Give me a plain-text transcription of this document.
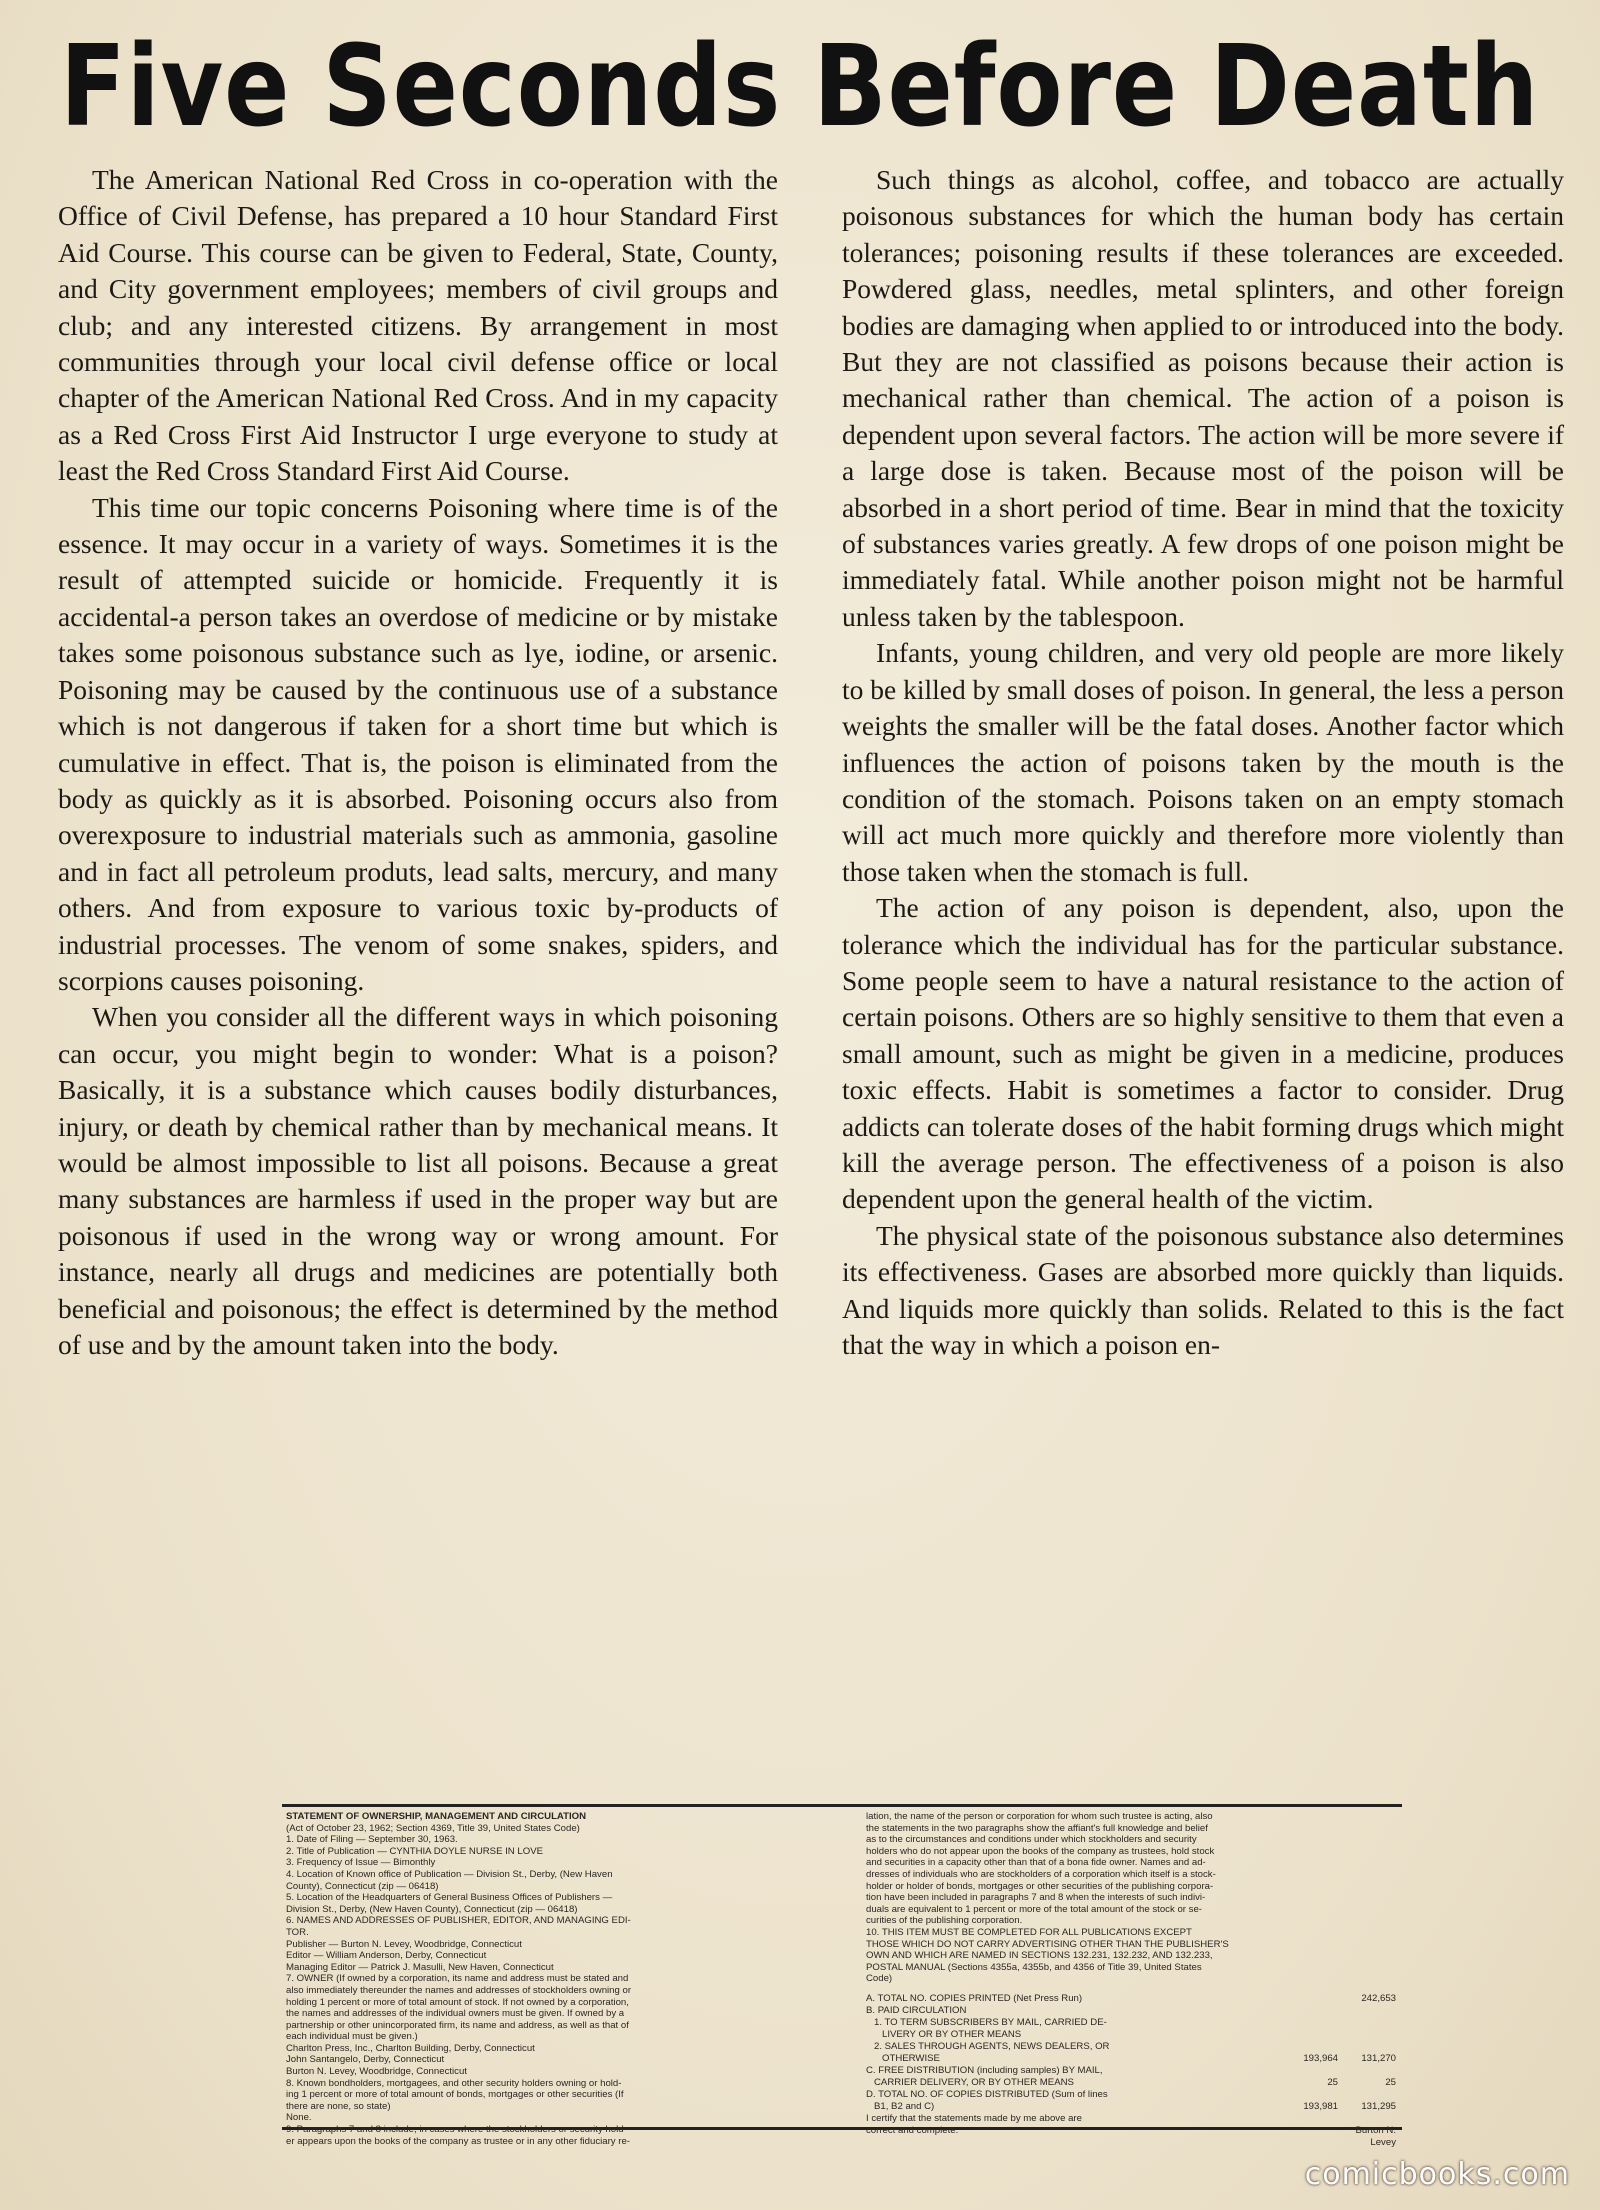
Five Seconds Before Death

The American National Red Cross in co-operation with the Office of Civil Defense, has prepared a 10 hour Standard First Aid Course. This course can be given to Federal, State, County, and City government employees; members of civil groups and club; and any interested citizens. By arrangement in most communities through your local civil defense office or local chapter of the American National Red Cross. And in my capacity as a Red Cross First Aid Instructor I urge everyone to study at least the Red Cross Standard First Aid Course.

This time our topic concerns Poisoning where time is of the essence. It may occur in a variety of ways. Sometimes it is the result of attempted suicide or homicide. Frequently it is accidental-a person takes an overdose of medicine or by mistake takes some poisonous substance such as lye, iodine, or arsenic. Poisoning may be caused by the continuous use of a substance which is not dangerous if taken for a short time but which is cumulative in effect. That is, the poison is eliminated from the body as quickly as it is absorbed. Poisoning occurs also from overexposure to industrial materials such as ammonia, gasoline and in fact all petroleum produts, lead salts, mercury, and many others. And from exposure to various toxic by-products of industrial processes. The venom of some snakes, spiders, and scorpions causes poisoning.

When you consider all the different ways in which poisoning can occur, you might begin to wonder: What is a poison? Basically, it is a substance which causes bodily disturbances, injury, or death by chemical rather than by mechanical means. It would be almost impossible to list all poisons. Because a great many substances are harmless if used in the proper way but are poisonous if used in the wrong way or wrong amount. For instance, nearly all drugs and medicines are potentially both beneficial and poisonous; the effect is determined by the method of use and by the amount taken into the body.

Such things as alcohol, coffee, and tobacco are actually poisonous substances for which the human body has certain tolerances; poisoning results if these tolerances are exceeded. Powdered glass, needles, metal splinters, and other foreign bodies are damaging when applied to or introduced into the body. But they are not classified as poisons because their action is mechanical rather than chemical. The action of a poison is dependent upon several factors. The action will be more severe if a large dose is taken. Because most of the poison will be absorbed in a short period of time. Bear in mind that the toxicity of substances varies greatly. A few drops of one poison might be immediately fatal. While another poison might not be harmful unless taken by the tablespoon.

Infants, young children, and very old people are more likely to be killed by small doses of poison. In general, the less a person weights the smaller will be the fatal doses. Another factor which influences the action of poisons taken by the mouth is the condition of the stomach. Poisons taken on an empty stomach will act much more quickly and therefore more violently than those taken when the stomach is full.

The action of any poison is dependent, also, upon the tolerance which the individual has for the particular substance. Some people seem to have a natural resistance to the action of certain poisons. Others are so highly sensitive to them that even a small amount, such as might be given in a medicine, produces toxic effects. Habit is sometimes a factor to consider. Drug addicts can tolerate doses of the habit forming drugs which might kill the average person. The effectiveness of a poison is also dependent upon the general health of the victim.

The physical state of the poisonous substance also determines its effectiveness. Gases are absorbed more quickly than liquids. And liquids more quickly than solids. Related to this is the fact that the way in which a poison en-

STATEMENT OF OWNERSHIP, MANAGEMENT AND CIRCULATION
(Act of October 23, 1962; Section 4369, Title 39, United States Code)
1. Date of Filing — September 30, 1963.
2. Title of Publication — CYNTHIA DOYLE NURSE IN LOVE
3. Frequency of Issue — Bimonthly
4. Location of Known office of Publication — Division St., Derby, (New Haven
County), Connecticut (zip — 06418)
5. Location of the Headquarters of General Business Offices of Publishers —
Division St., Derby, (New Haven County), Connecticut (zip — 06418)
6. NAMES AND ADDRESSES OF PUBLISHER, EDITOR, AND MANAGING EDI-
TOR.
Publisher — Burton N. Levey, Woodbridge, Connecticut
Editor — William Anderson, Derby, Connecticut
Managing Editor — Patrick J. Masulli, New Haven, Connecticut
7. OWNER (If owned by a corporation, its name and address must be stated and
also immediately thereunder the names and addresses of stockholders owning or
holding 1 percent or more of total amount of stock. If not owned by a corporation,
the names and addresses of the individual owners must be given. If owned by a
partnership or other unincorporated firm, its name and address, as well as that of
each individual must be given.)
Charlton Press, Inc., Charlton Building, Derby, Connecticut
John Santangelo, Derby, Connecticut
Burton N. Levey, Woodbridge, Connecticut
8. Known bondholders, mortgagees, and other security holders owning or hold-
ing 1 percent or more of total amount of bonds, mortgages or other securities (If
there are none, so state)
None.
9. Paragraphs 7 and 8 include, in cases where the stockholders or security hold-
er appears upon the books of the company as trustee or in any other fiduciary re-
lation, the name of the person or corporation for whom such trustee is acting, also
the statements in the two paragraphs show the affiant's full knowledge and belief
as to the circumstances and conditions under which stockholders and security
holders who do not appear upon the books of the company as trustees, hold stock
and securities in a capacity other than that of a bona fide owner. Names and ad-
dresses of individuals who are stockholders of a corporation which itself is a stock-
holder or holder of bonds, mortgages or other securities of the publishing corpora-
tion have been included in paragraphs 7 and 8 when the interests of such indivi-
duals are equivalent to 1 percent or more of the total amount of the stock or se-
curities of the publishing corporation.
10. THIS ITEM MUST BE COMPLETED FOR ALL PUBLICATIONS EXCEPT
THOSE WHICH DO NOT CARRY ADVERTISING OTHER THAN THE PUBLISHER'S
OWN AND WHICH ARE NAMED IN SECTIONS 132.231, 132.232, AND 132.233,
POSTAL MANUAL (Sections 4355a, 4355b, and 4356 of Title 39, United States
Code)
A. TOTAL NO. COPIES PRINTED (Net Press Run)	242,653
B. PAID CIRCULATION
1. TO TERM SUBSCRIBERS BY MAIL, CARRIED DE-
LIVERY OR BY OTHER MEANS
2. SALES THROUGH AGENTS, NEWS DEALERS, OR
OTHERWISE	193,964	131,270
C. FREE DISTRIBUTION (including samples) BY MAIL,
CARRIER DELIVERY, OR BY OTHER MEANS	25	25
D. TOTAL NO. OF COPIES DISTRIBUTED (Sum of lines
B1, B2 and C)	193,981	131,295
I certify that the statements made by me above are
correct and complete.	Burton N. Levey
comicbooks.com
